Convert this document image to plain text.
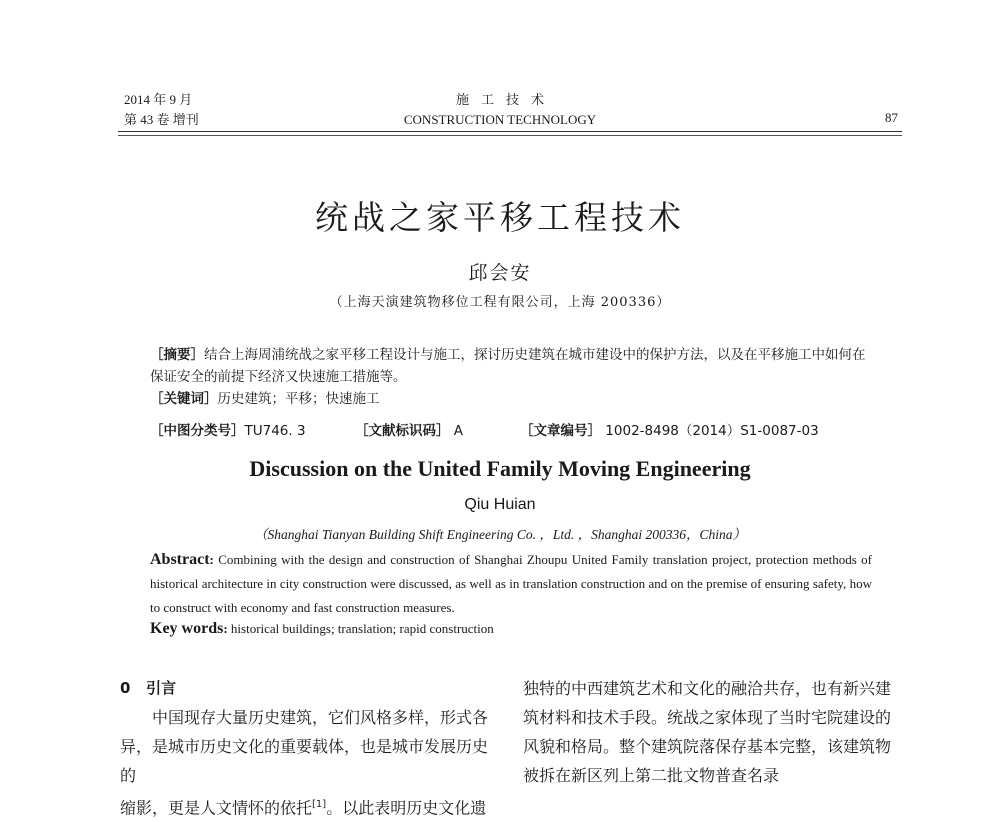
2014 年 9 月
第 43 卷 增刊
施工技术
CONSTRUCTION TECHNOLOGY	87
统战之家平移工程技术
邱会安
（上海天演建筑物移位工程有限公司，上海 200336）

［摘要］结合上海周浦统战之家平移工程设计与施工，探讨历史建筑在城市建设中的保护方法，以及在平移施工中如何在保证安全的前提下经济又快速施工措施等。

［关键词］历史建筑；平移；快速施工

［中图分类号］TU746. 3	［文献标识码］ A	［文章编号］ 1002-8498（2014）S1-0087-03
Discussion on the United Family Moving Engineering
Qiu Huian
（Shanghai Tianyan Building Shift Engineering Co. ，Ltd. ，Shanghai 200336，China）
Abstract: Combining with the design and construction of Shanghai Zhoupu United Family translation project, protection methods of historical architecture in city construction were discussed, as well as in translation construction and on the premise of ensuring safety, how to construct with economy and fast construction measures.
Key words: historical buildings; translation; rapid construction

0 引言

中国现存大量历史建筑，它们风格多样，形式各

异，是城市历史文化的重要载体，也是城市发展历史的

缩影，更是人文情怀的依托[1]。以此表明历史文化遗

独特的中西建筑艺术和文化的融洽共存，也有新兴建

筑材料和技术手段。统战之家体现了当时宅院建设的

风貌和格局。整个建筑院落保存基本完整，该建筑物

被拆在新区列上第二批文物普查名录
